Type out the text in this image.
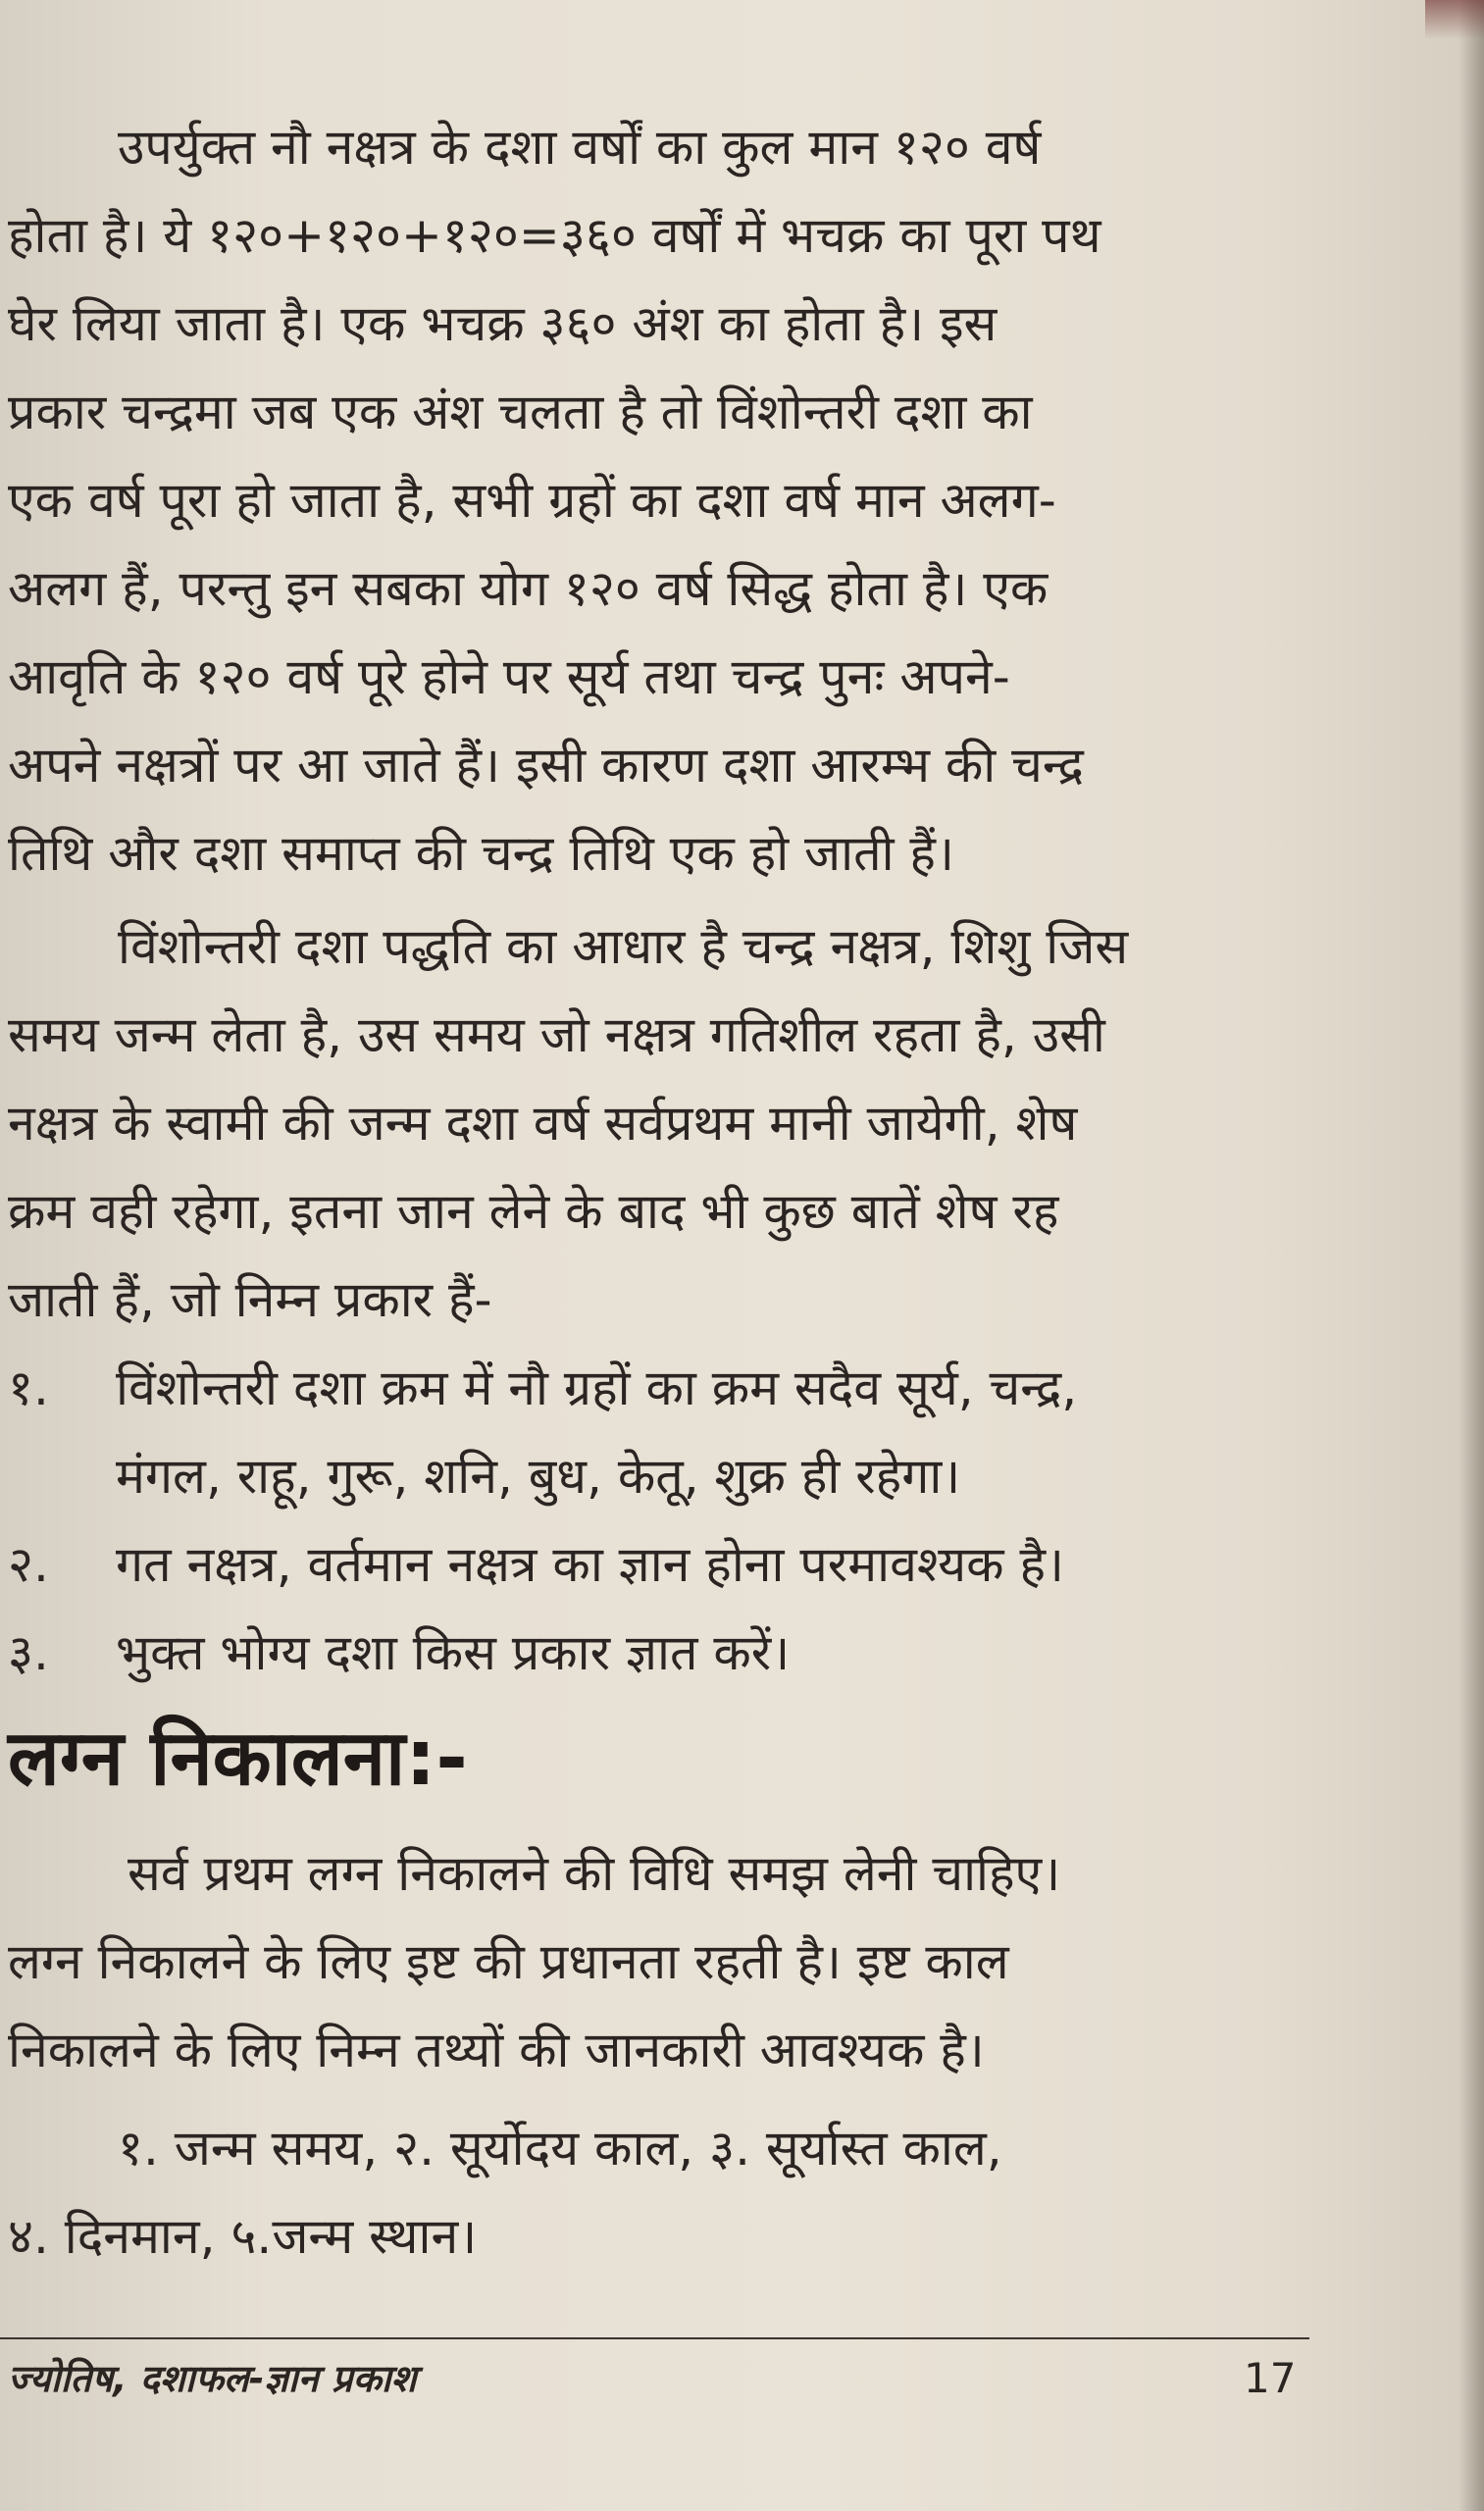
उपर्युक्त नौ नक्षत्र के दशा वर्षों का कुल मान १२० वर्ष

होता है। ये १२०+१२०+१२०=३६० वर्षों में भचक्र का पूरा पथ

घेर लिया जाता है। एक भचक्र ३६० अंश का होता है। इस

प्रकार चन्द्रमा जब एक अंश चलता है तो विंशोन्तरी दशा का

एक वर्ष पूरा हो जाता है, सभी ग्रहों का दशा वर्ष मान अलग-

अलग हैं, परन्तु इन सबका योग १२० वर्ष सिद्ध होता है। एक

आवृति के १२० वर्ष पूरे होने पर सूर्य तथा चन्द्र पुनः अपने-

अपने नक्षत्रों पर आ जाते हैं। इसी कारण दशा आरम्भ की चन्द्र

तिथि और दशा समाप्त की चन्द्र तिथि एक हो जाती हैं।

विंशोन्तरी दशा पद्धति का आधार है चन्द्र नक्षत्र, शिशु जिस

समय जन्म लेता है, उस समय जो नक्षत्र गतिशील रहता है, उसी

नक्षत्र के स्वामी की जन्म दशा वर्ष सर्वप्रथम मानी जायेगी, शेष

क्रम वही रहेगा, इतना जान लेने के बाद भी कुछ बातें शेष रह

जाती हैं, जो निम्न प्रकार हैं-

१. विंशोन्तरी दशा क्रम में नौ ग्रहों का क्रम सदैव सूर्य, चन्द्र,

मंगल, राहू, गुरू, शनि, बुध, केतू, शुक्र ही रहेगा।

२. गत नक्षत्र, वर्तमान नक्षत्र का ज्ञान होना परमावश्यक है।

३. भुक्त भोग्य दशा किस प्रकार ज्ञात करें।

लग्न निकालना:-

सर्व प्रथम लग्न निकालने की विधि समझ लेनी चाहिए।

लग्न निकालने के लिए इष्ट की प्रधानता रहती है। इष्ट काल

निकालने के लिए निम्न तथ्यों की जानकारी आवश्यक है।

१. जन्म समय, २. सूर्योदय काल, ३. सूर्यास्त काल,

४. दिनमान, ५.जन्म स्थान।

ज्योतिष, दशाफल-ज्ञान प्रकाश	17
